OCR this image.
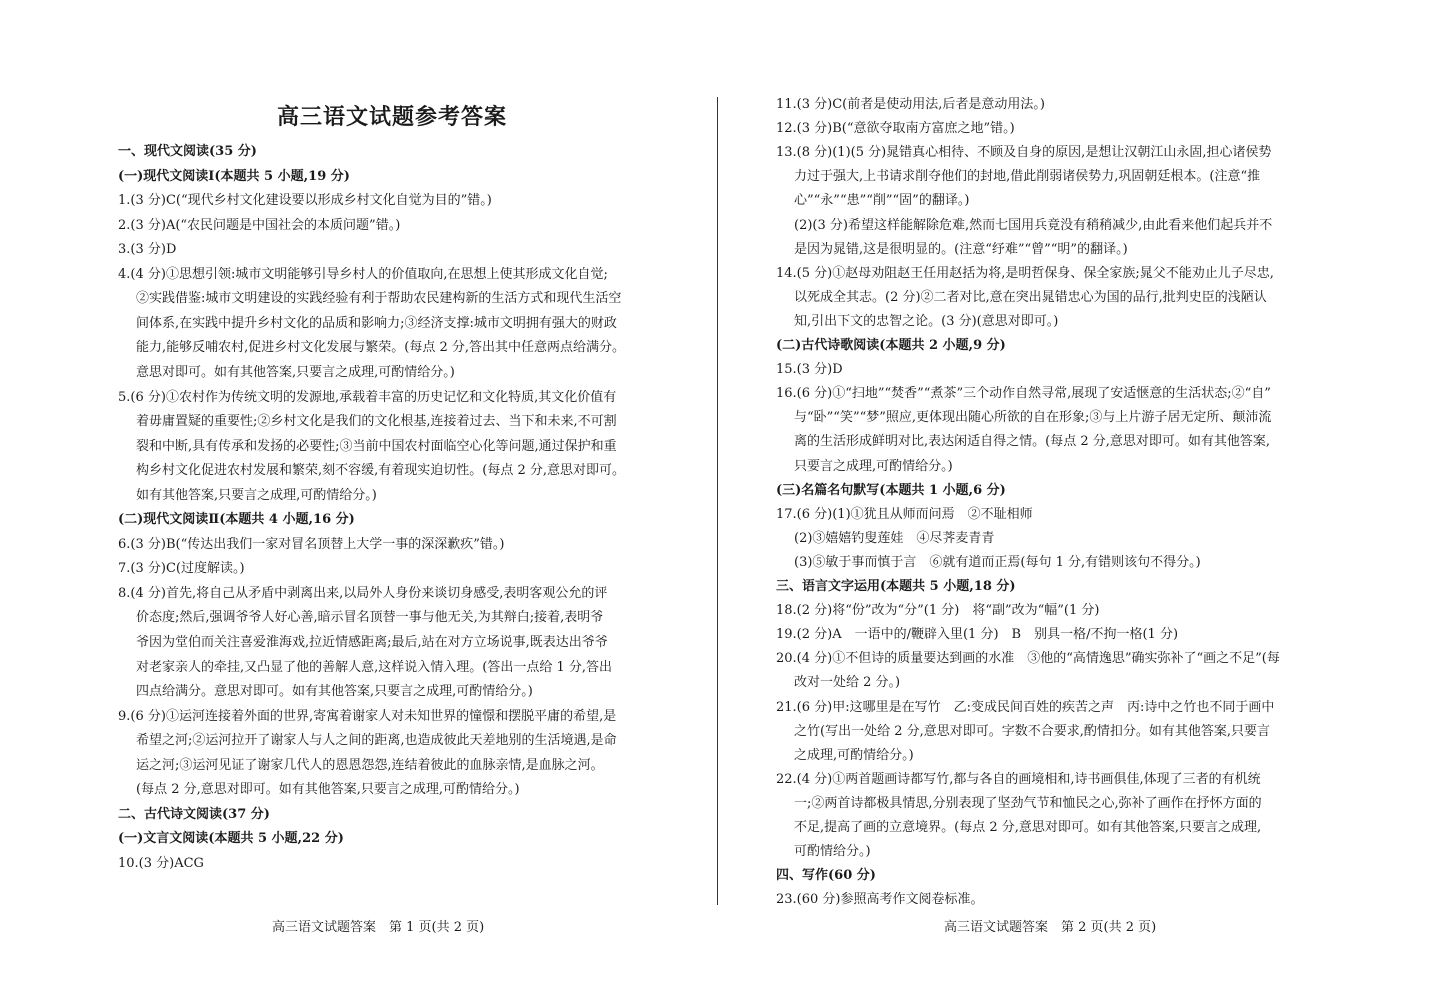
高三语文试题参考答案
一、现代文阅读(35 分)
(一)现代文阅读Ⅰ(本题共 5 小题,19 分)
1.(3 分)C(“现代乡村文化建设要以形成乡村文化自觉为目的”错。)
2.(3 分)A(“农民问题是中国社会的本质问题”错。)
3.(3 分)D
4.(4 分)①思想引领:城市文明能够引导乡村人的价值取向,在思想上使其形成文化自觉;
②实践借鉴:城市文明建设的实践经验有利于帮助农民建构新的生活方式和现代生活空
间体系,在实践中提升乡村文化的品质和影响力;③经济支撑:城市文明拥有强大的财政
能力,能够反哺农村,促进乡村文化发展与繁荣。(每点 2 分,答出其中任意两点给满分。
意思对即可。如有其他答案,只要言之成理,可酌情给分。)
5.(6 分)①农村作为传统文明的发源地,承载着丰富的历史记忆和文化特质,其文化价值有
着毋庸置疑的重要性;②乡村文化是我们的文化根基,连接着过去、当下和未来,不可割
裂和中断,具有传承和发扬的必要性;③当前中国农村面临空心化等问题,通过保护和重
构乡村文化促进农村发展和繁荣,刻不容缓,有着现实迫切性。(每点 2 分,意思对即可。
如有其他答案,只要言之成理,可酌情给分。)
(二)现代文阅读Ⅱ(本题共 4 小题,16 分)
6.(3 分)B(“传达出我们一家对冒名顶替上大学一事的深深歉疚”错。)
7.(3 分)C(过度解读。)
8.(4 分)首先,将自己从矛盾中剥离出来,以局外人身份来谈切身感受,表明客观公允的评
价态度;然后,强调爷爷人好心善,暗示冒名顶替一事与他无关,为其辩白;接着,表明爷
爷因为堂伯而关注喜爱淮海戏,拉近情感距离;最后,站在对方立场说事,既表达出爷爷
对老家亲人的牵挂,又凸显了他的善解人意,这样说入情入理。(答出一点给 1 分,答出
四点给满分。意思对即可。如有其他答案,只要言之成理,可酌情给分。)
9.(6 分)①运河连接着外面的世界,寄寓着谢家人对未知世界的憧憬和摆脱平庸的希望,是
希望之河;②运河拉开了谢家人与人之间的距离,也造成彼此天差地别的生活境遇,是命
运之河;③运河见证了谢家几代人的恩恩怨怨,连结着彼此的血脉亲情,是血脉之河。
(每点 2 分,意思对即可。如有其他答案,只要言之成理,可酌情给分。)
二、古代诗文阅读(37 分)
(一)文言文阅读(本题共 5 小题,22 分)
10.(3 分)ACG
11.(3 分)C(前者是使动用法,后者是意动用法。)
12.(3 分)B(“意欲夺取南方富庶之地”错。)
13.(8 分)(1)(5 分)晁错真心相待、不顾及自身的原因,是想让汉朝江山永固,担心诸侯势
力过于强大,上书请求削夺他们的封地,借此削弱诸侯势力,巩固朝廷根本。(注意“推
心”“永”“患”“削”“固”的翻译。)
(2)(3 分)希望这样能解除危难,然而七国用兵竟没有稍稍减少,由此看来他们起兵并不
是因为晁错,这是很明显的。(注意“纾难”“曾”“明”的翻译。)
14.(5 分)①赵母劝阻赵王任用赵括为将,是明哲保身、保全家族;晁父不能劝止儿子尽忠,
以死成全其志。(2 分)②二者对比,意在突出晁错忠心为国的品行,批判史臣的浅陋认
知,引出下文的忠智之论。(3 分)(意思对即可。)
(二)古代诗歌阅读(本题共 2 小题,9 分)
15.(3 分)D
16.(6 分)①“扫地”“焚香”“煮茶”三个动作自然寻常,展现了安适惬意的生活状态;②“自”
与“卧”“笑”“梦”照应,更体现出随心所欲的自在形象;③与上片游子居无定所、颠沛流
离的生活形成鲜明对比,表达闲适自得之情。(每点 2 分,意思对即可。如有其他答案,
只要言之成理,可酌情给分。)
(三)名篇名句默写(本题共 1 小题,6 分)
17.(6 分)(1)①犹且从师而问焉　②不耻相师
(2)③嬉嬉钓叟莲娃　④尽荠麦青青
(3)⑤敏于事而慎于言　⑥就有道而正焉(每句 1 分,有错则该句不得分。)
三、语言文字运用(本题共 5 小题,18 分)
18.(2 分)将“份”改为“分”(1 分)　将“副”改为“幅”(1 分)
19.(2 分)A　一语中的/鞭辟入里(1 分)　B　别具一格/不拘一格(1 分)
20.(4 分)①不但诗的质量要达到画的水准　③他的“高情逸思”确实弥补了“画之不足”(每
改对一处给 2 分。)
21.(6 分)甲:这哪里是在写竹　乙:变成民间百姓的疾苦之声　丙:诗中之竹也不同于画中
之竹(写出一处给 2 分,意思对即可。字数不合要求,酌情扣分。如有其他答案,只要言
之成理,可酌情给分。)
22.(4 分)①两首题画诗都写竹,都与各自的画境相和,诗书画俱佳,体现了三者的有机统
一;②两首诗都极具情思,分别表现了坚劲气节和恤民之心,弥补了画作在抒怀方面的
不足,提高了画的立意境界。(每点 2 分,意思对即可。如有其他答案,只要言之成理,
可酌情给分。)
四、写作(60 分)
23.(60 分)参照高考作文阅卷标准。
高三语文试题答案　第 1 页(共 2 页)	高三语文试题答案　第 2 页(共 2 页)
